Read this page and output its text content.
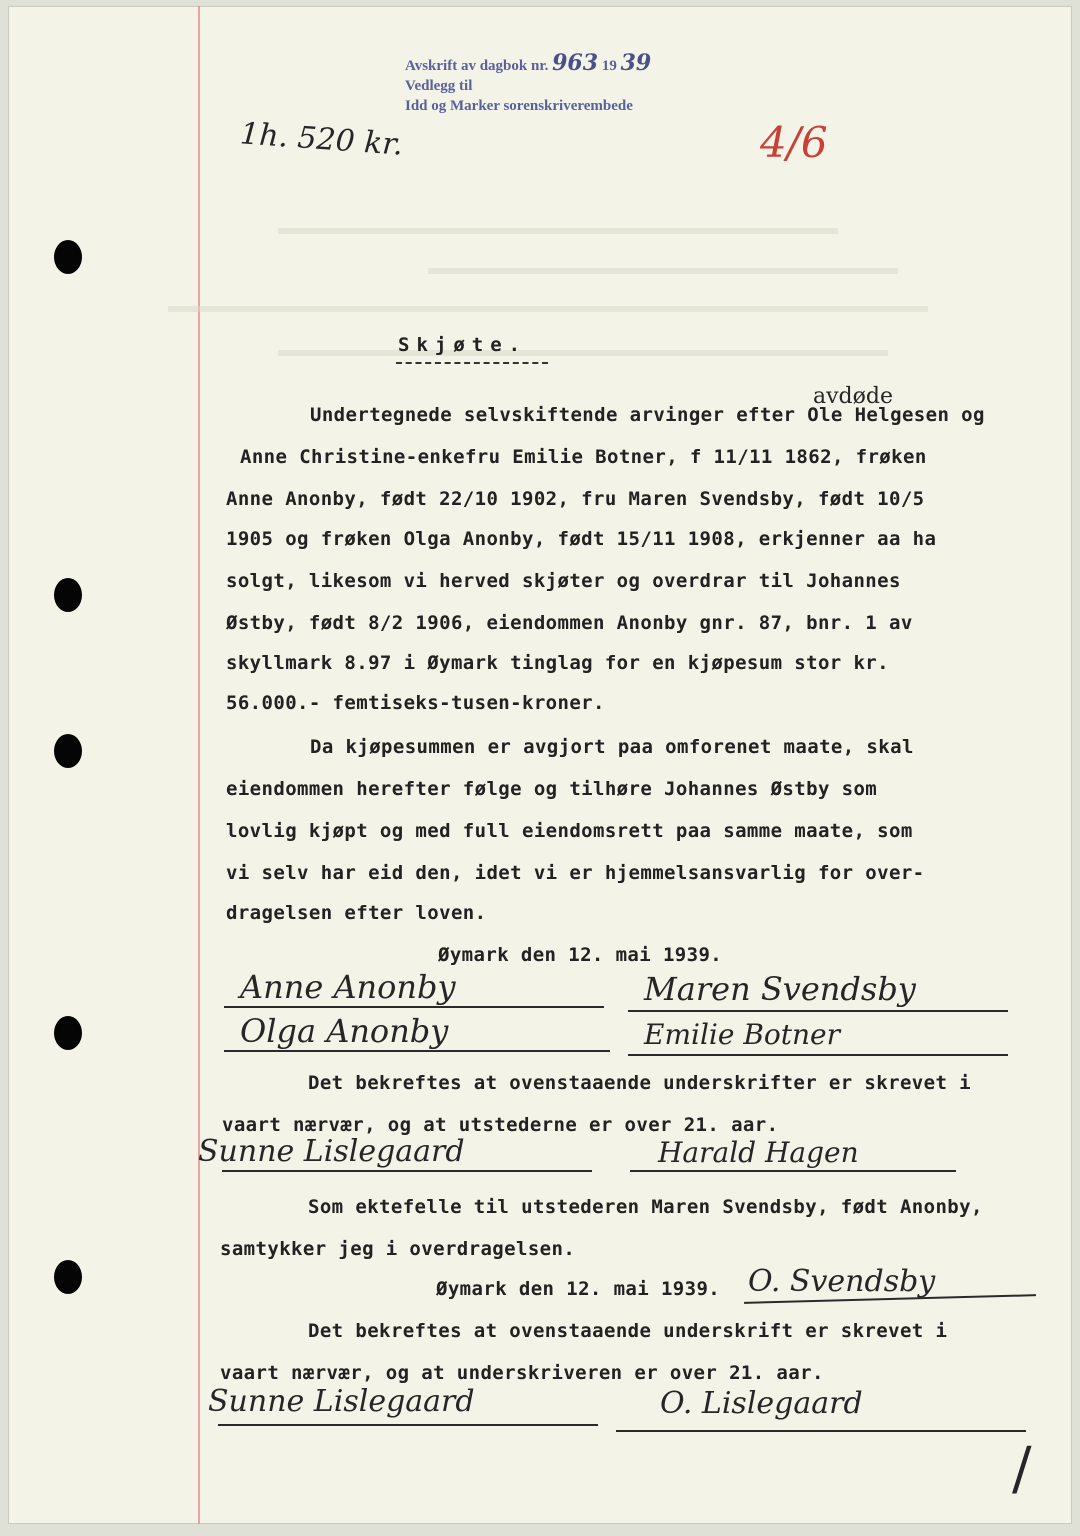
Avskrift av dagbok nr. 963 19 39
Vedlegg til
Idd og Marker sorenskriverembede
1h. 520 kr.	4/6
Skjøte.
avdøde
Undertegnede selvskiftende arvinger efter Ole Helgesen og
Anne Christine-enkefru Emilie Botner, f 11/11 1862, frøken
Anne Anonby, født 22/10 1902, fru Maren Svendsby, født 10/5
1905 og frøken Olga Anonby, født 15/11 1908, erkjenner aa ha
solgt, likesom vi herved skjøter og overdrar til Johannes
Østby, født 8/2 1906, eiendommen Anonby gnr. 87, bnr. 1 av
skyllmark 8.97 i Øymark tinglag for en kjøpesum stor kr.
56.000.- femtiseks-tusen-kroner.
Da kjøpesummen er avgjort paa omforenet maate, skal
eiendommen herefter følge og tilhøre Johannes Østby som
lovlig kjøpt og med full eiendomsrett paa samme maate, som
vi selv har eid den, idet vi er hjemmelsansvarlig for over-
dragelsen efter loven.
Øymark den 12. mai 1939.
Anne Anonby	Maren Svendsby
Olga Anonby	Emilie Botner
Det bekreftes at ovenstaaende underskrifter er skrevet i
vaart nærvær, og at utstederne er over 21. aar.
Sunne Lislegaard	Harald Hagen
Som ektefelle til utstederen Maren Svendsby, født Anonby,
samtykker jeg i overdragelsen.
Øymark den 12. mai 1939. O. Svendsby
Det bekreftes at ovenstaaende underskrift er skrevet i
vaart nærvær, og at underskriveren er over 21. aar.
Sunne Lislegaard	O. Lislegaard
/
